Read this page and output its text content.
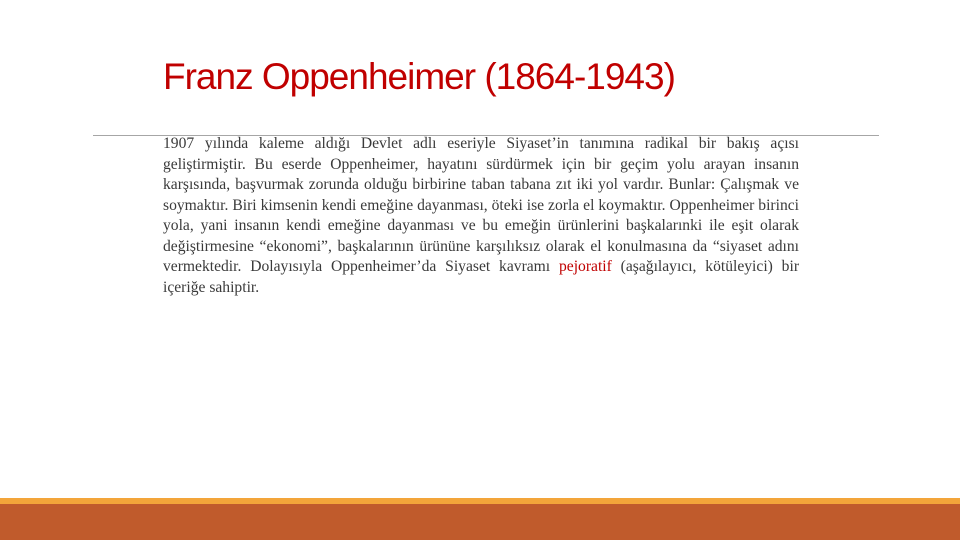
Franz Oppenheimer (1864-1943)

1907 yılında kaleme aldığı Devlet adlı eseriyle Siyaset’in tanımına radikal bir bakış açısı geliştirmiştir. Bu eserde Oppenheimer, hayatını sürdürmek için bir geçim yolu arayan insanın karşısında, başvurmak zorunda olduğu birbirine taban tabana zıt iki yol vardır. Bunlar: Çalışmak ve soymaktır. Biri kimsenin kendi emeğine dayanması, öteki ise zorla el koymaktır. Oppenheimer birinci yola, yani insanın kendi emeğine dayanması ve bu emeğin ürünlerini başkalarınki ile eşit olarak değiştirmesine “ekonomi”, başkalarının ürününe karşılıksız olarak el konulmasına da “siyaset adını vermektedir. Dolayısıyla Oppenheimer’da Siyaset kavramı pejoratif (aşağılayıcı, kötüleyici) bir içeriğe sahiptir.
